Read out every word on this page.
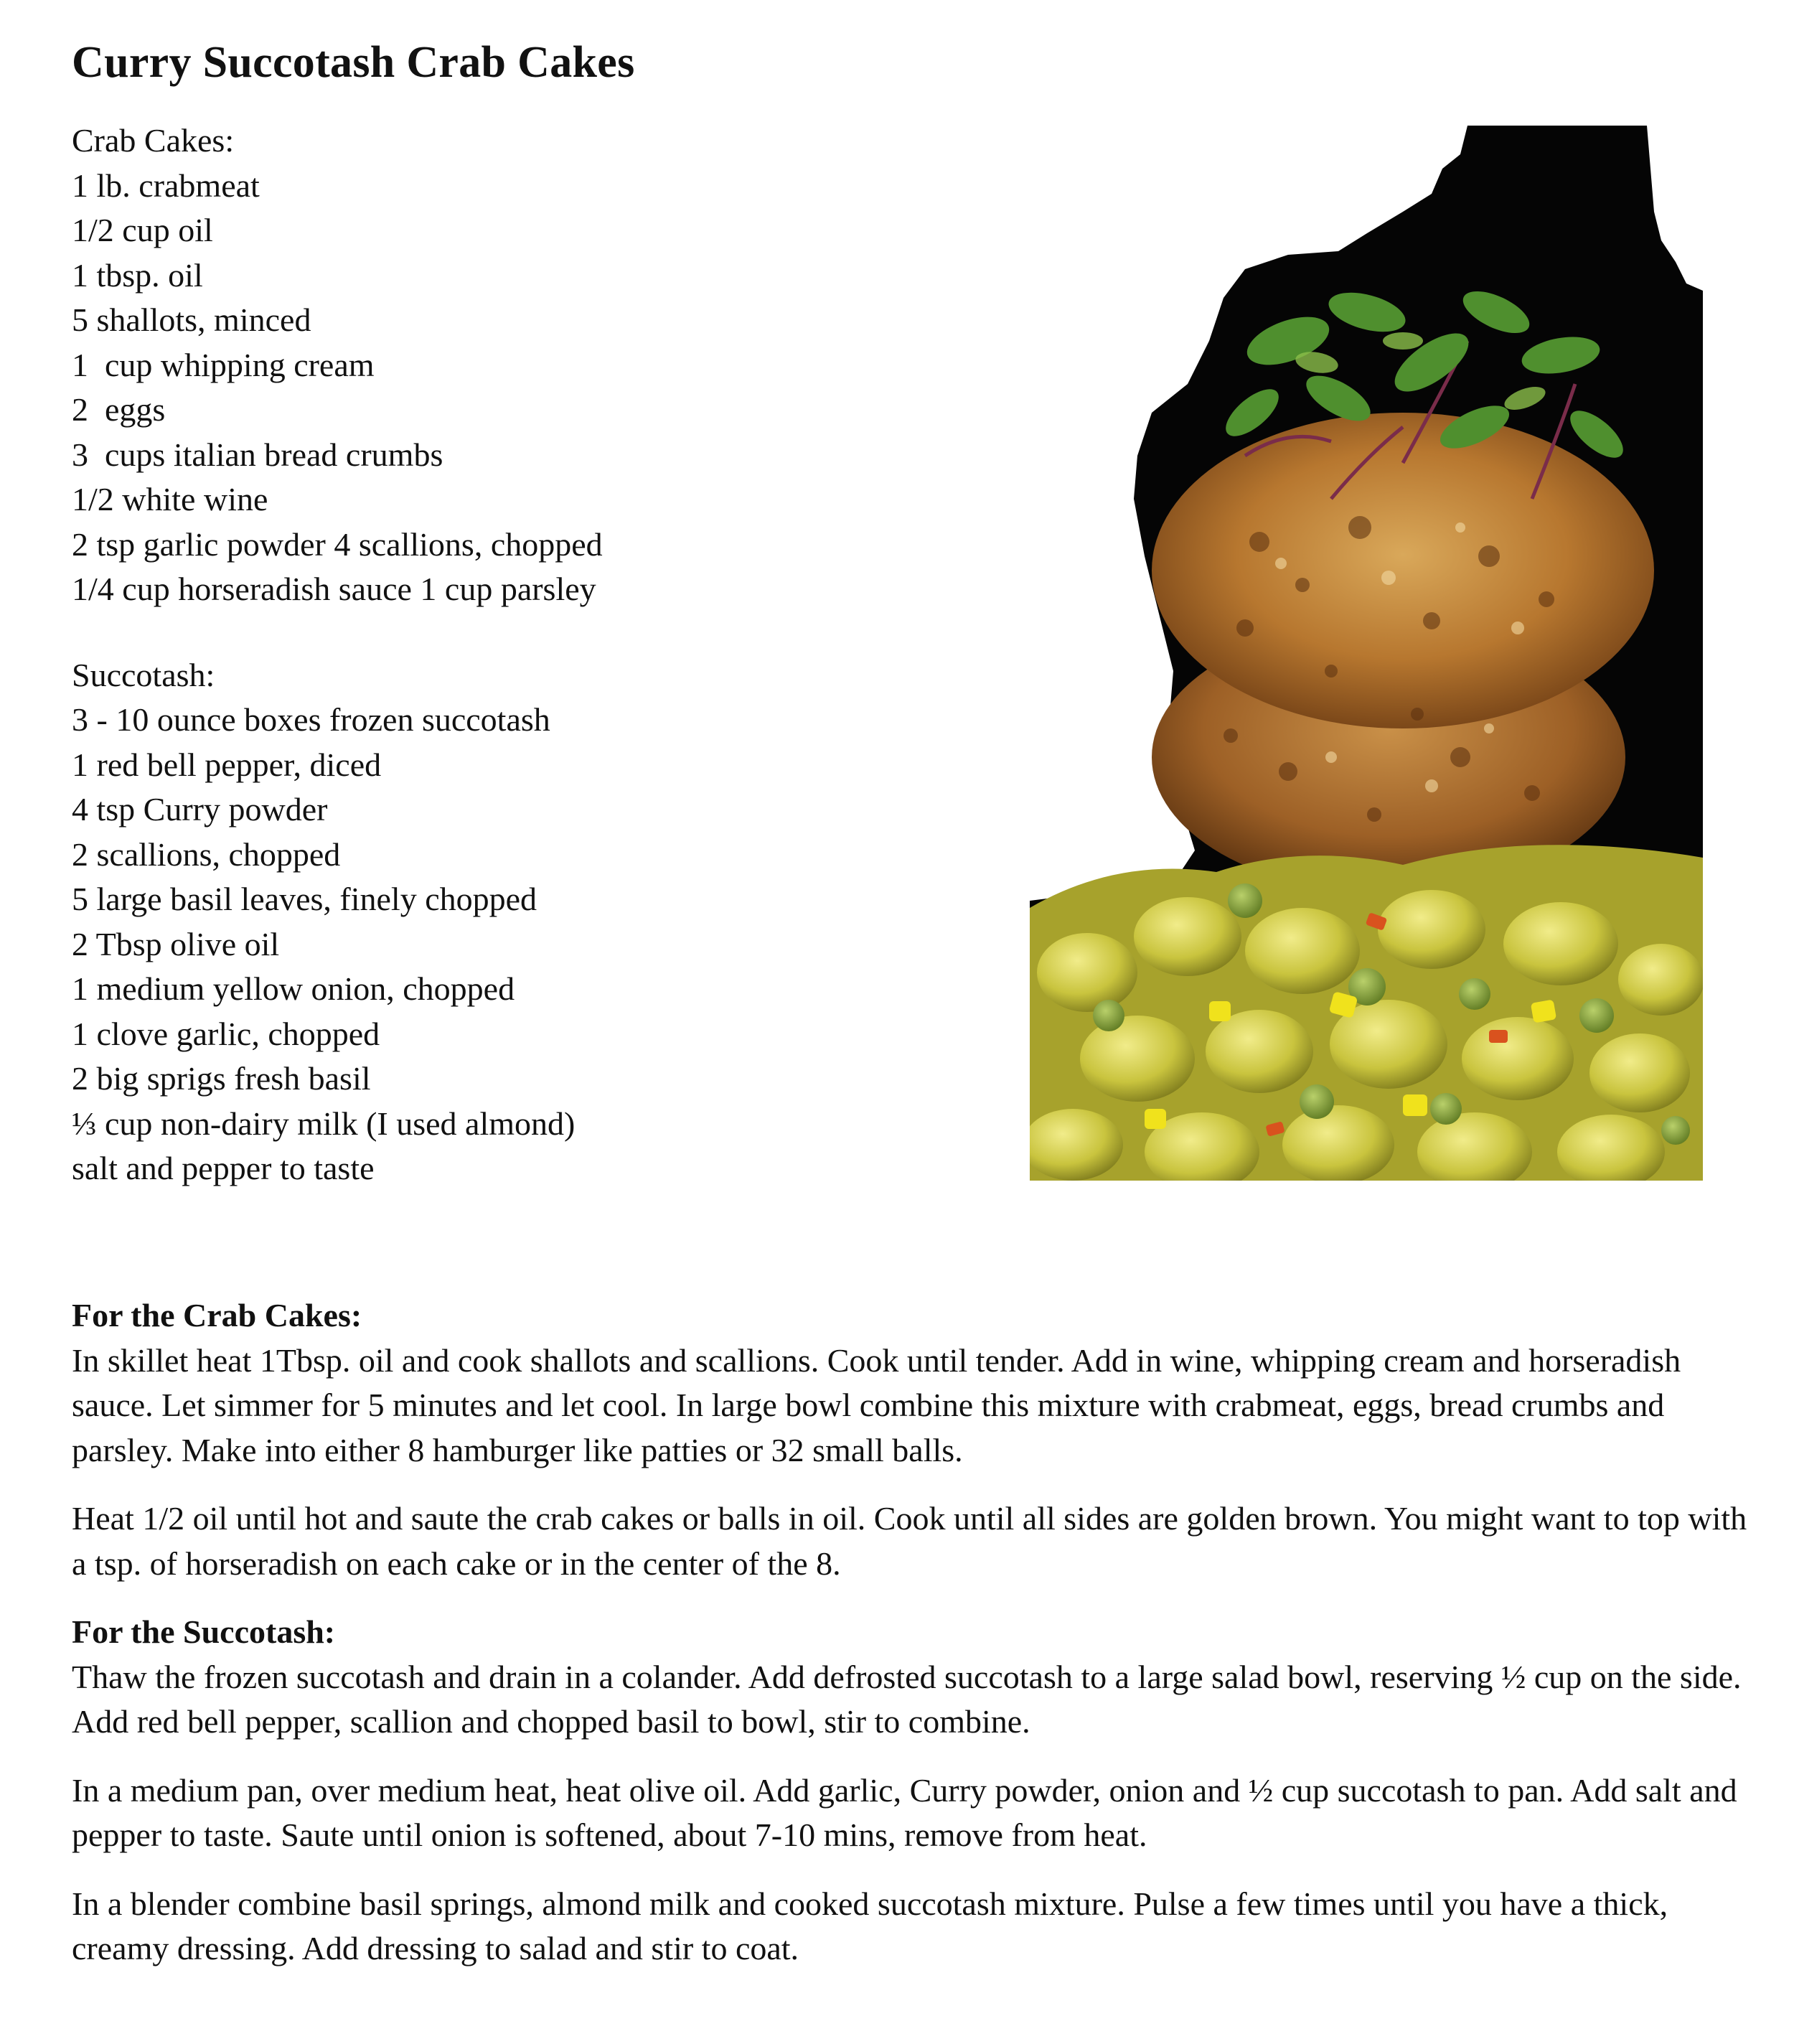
Curry Succotash Crab Cakes
Crab Cakes:
1 lb. crabmeat
1/2 cup oil
1 tbsp. oil
5 shallots, minced
1  cup whipping cream
2  eggs
3  cups italian bread crumbs
1/2 white wine
2 tsp garlic powder 4 scallions, chopped
1/4 cup horseradish sauce 1 cup parsley
Succotash:
3 - 10 ounce boxes frozen succotash
1 red bell pepper, diced
4 tsp Curry powder
2 scallions, chopped
5 large basil leaves, finely chopped
2 Tbsp olive oil
1 medium yellow onion, chopped
1 clove garlic, chopped
2 big sprigs fresh basil
⅓ cup non-dairy milk (I used almond)
salt and pepper to taste
For the Crab Cakes:

In skillet heat 1Tbsp. oil and cook shallots and scallions. Cook until tender. Add in wine, whipping cream and horseradish sauce. Let simmer for 5 minutes and let cool. In large bowl combine this mixture with crabmeat, eggs, bread crumbs and parsley. Make into either 8 hamburger like patties or 32 small balls.

Heat 1/2 oil until hot and saute the crab cakes or balls in oil. Cook until all sides are golden brown. You might want to top with a tsp. of horseradish on each cake or in the center of the 8.

For the Succotash:

Thaw the frozen succotash and drain in a colander. Add defrosted succotash to a large salad bowl, reserving ½ cup on the side. Add red bell pepper, scallion and chopped basil to bowl, stir to combine.

In a medium pan, over medium heat, heat olive oil. Add garlic, Curry powder, onion and ½ cup succotash to pan. Add salt and pepper to taste. Saute until onion is softened, about 7-10 mins, remove from heat.

In a blender combine basil springs, almond milk and cooked succotash mixture. Pulse a few times until you have a thick, creamy dressing. Add dressing to salad and stir to coat.
